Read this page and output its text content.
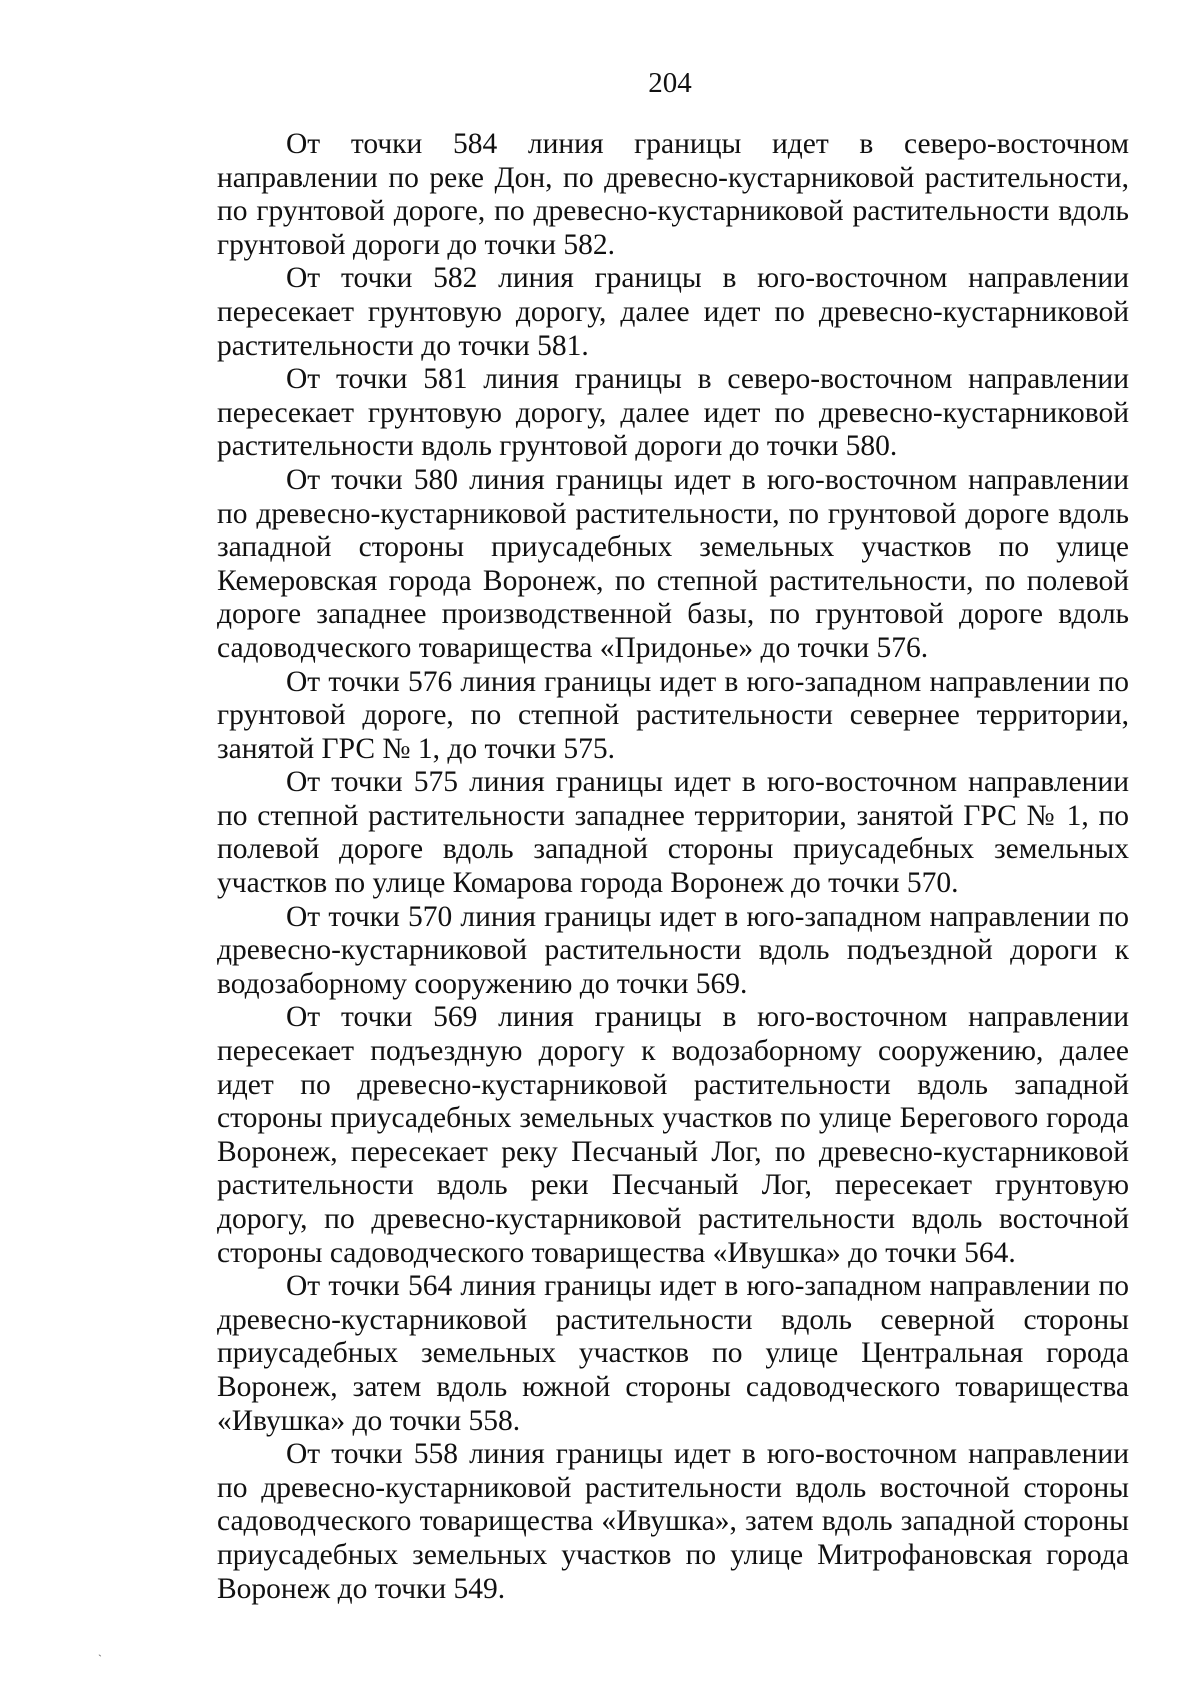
204

От точки 584 линия границы идет в северо-восточном направлении по реке Дон, по древесно-кустарниковой растительности, по грунтовой дороге, по древесно-кустарниковой растительности вдоль грунтовой дороги до точки 582.

От точки 582 линия границы в юго-восточном направлении пересекает грунтовую дорогу, далее идет по древесно-кустарниковой растительности до точки 581.

От точки 581 линия границы в северо-восточном направлении пересекает грунтовую дорогу, далее идет по древесно-кустарниковой растительности вдоль грунтовой дороги до точки 580.

От точки 580 линия границы идет в юго-восточном направлении по древесно-кустарниковой растительности, по грунтовой дороге вдоль западной стороны приусадебных земельных участков по улице Кемеровская города Воронеж, по степной растительности, по полевой дороге западнее производственной базы, по грунтовой дороге вдоль садоводческого товарищества «Придонье» до точки 576.

От точки 576 линия границы идет в юго-западном направлении по грунтовой дороге, по степной растительности севернее территории, занятой ГРС № 1, до точки 575.

От точки 575 линия границы идет в юго-восточном направлении по степной растительности западнее территории, занятой ГРС № 1, по полевой дороге вдоль западной стороны приусадебных земельных участков по улице Комарова города Воронеж до точки 570.

От точки 570 линия границы идет в юго-западном направлении по древесно-кустарниковой растительности вдоль подъездной дороги к водозаборному сооружению до точки 569.

От точки 569 линия границы в юго-восточном направлении пересекает подъездную дорогу к водозаборному сооружению, далее идет по древесно-кустарниковой растительности вдоль западной стороны приусадебных земельных участков по улице Берегового города Воронеж, пересекает реку Песчаный Лог, по древесно-кустарниковой растительности вдоль реки Песчаный Лог, пересекает грунтовую дорогу, по древесно-кустарниковой растительности вдоль восточной стороны садоводческого товарищества «Ивушка» до точки 564.

От точки 564 линия границы идет в юго-западном направлении по древесно-кустарниковой растительности вдоль северной стороны приусадебных земельных участков по улице Центральная города Воронеж, затем вдоль южной стороны садоводческого товарищества «Ивушка» до точки 558.

От точки 558 линия границы идет в юго-восточном направлении по древесно-кустарниковой растительности вдоль восточной стороны садоводческого товарищества «Ивушка», затем вдоль западной стороны приусадебных земельных участков по улице Митрофановская города Воронеж до точки 549.

`
